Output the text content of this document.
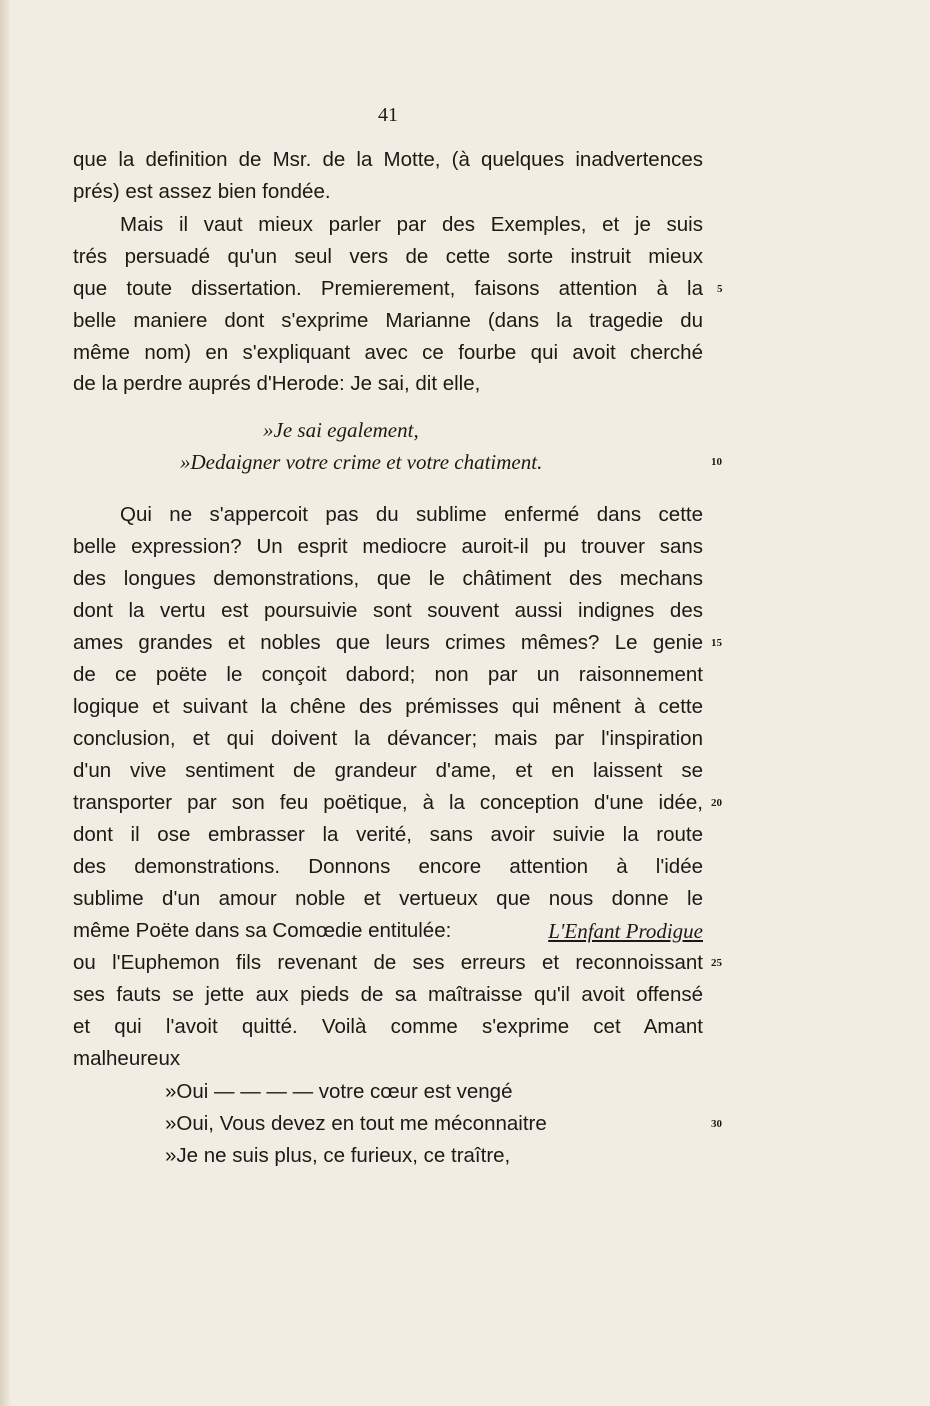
41
que la definition de Msr. de la Motte, (à quelques inadvertences
prés) est assez bien fondée.
Mais il vaut mieux parler par des Exemples, et je suis
trés persuadé qu'un seul vers de cette sorte instruit mieux
que toute dissertation. Premierement, faisons attention à la
belle maniere dont s'exprime Marianne (dans la tragedie du
même nom) en s'expliquant avec ce fourbe qui avoit cherché
de la perdre auprés d'Herode: Je sai, dit elle,
»Je sai egalement,
»Dedaigner votre crime et votre chatiment.
Qui ne s'appercoit pas du sublime enfermé dans cette
belle expression? Un esprit mediocre auroit-il pu trouver sans
des longues demonstrations, que le châtiment des mechans
dont la vertu est poursuivie sont souvent aussi indignes des
ames grandes et nobles que leurs crimes mêmes? Le genie
de ce poëte le conçoit dabord; non par un raisonnement
logique et suivant la chêne des prémisses qui mênent à cette
conclusion, et qui doivent la dévancer; mais par l'inspiration
d'un vive sentiment de grandeur d'ame, et en laissent se
transporter par son feu poëtique, à la conception d'une idée,
dont il ose embrasser la verité, sans avoir suivie la route
des demonstrations. Donnons encore attention à l'idée
sublime d'un amour noble et vertueux que nous donne le
même Poëte dans sa Comœdie entitulée:	L'Enfant Prodigue
ou l'Euphemon fils revenant de ses erreurs et reconnoissant
ses fauts se jette aux pieds de sa maîtraisse qu'il avoit offensé
et qui l'avoit quitté. Voilà comme s'exprime cet Amant
malheureux
»Oui — — — — votre cœur est vengé
»Oui, Vous devez en tout me méconnaitre
»Je ne suis plus, ce furieux, ce traître,
5
10
15
20
25
30
